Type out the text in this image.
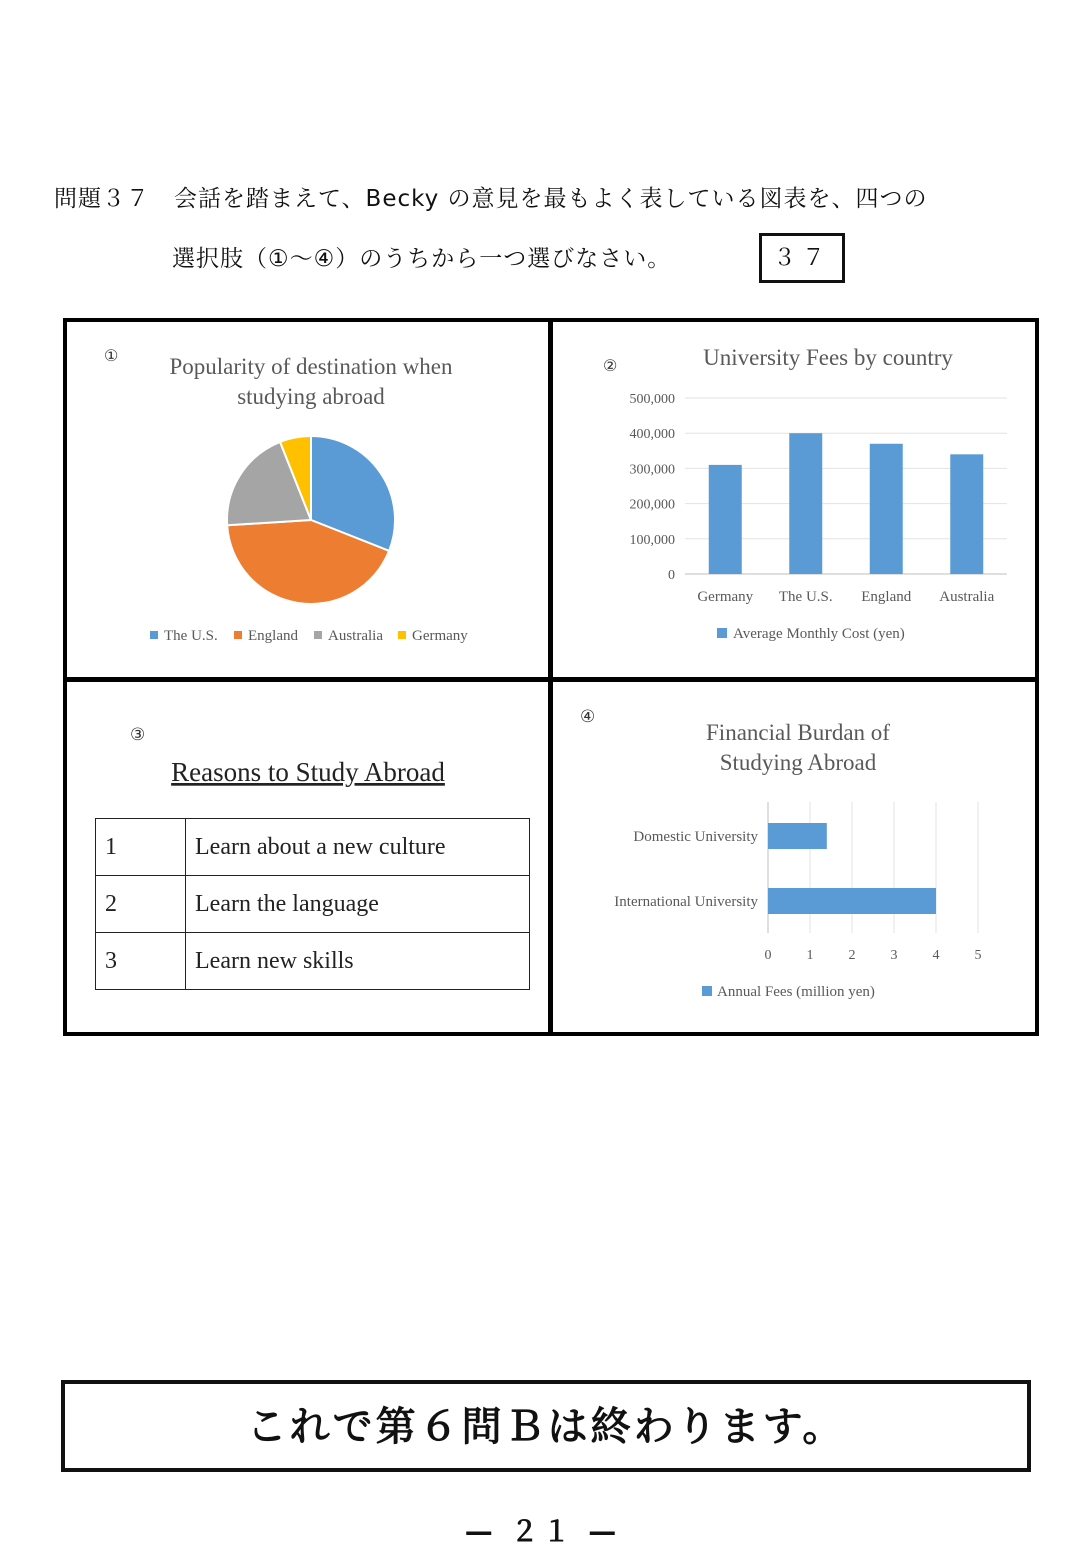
問題３７　会話を踏まえて、Becky の意見を最もよく表している図表を、四つの
選択肢（①～④）のうちから一つ選びなさい。	３７
① Popularity of destination when
studying abroad
The U.S. England Australia Germany
②	University Fees by country
0
100,000
200,000
300,000
400,000
500,000
Germany The U.S. England Australia
Average Monthly Cost (yen)
③
Reasons to Study Abroad
1	Learn about a new culture
2	Learn the language
3	Learn new skills
④
Financial Burdan of
Studying Abroad
0	1	2	3	4	5
Domestic University
International University
Annual Fees (million yen)
これで第６問Ｂは終わります。
— ２１ —
